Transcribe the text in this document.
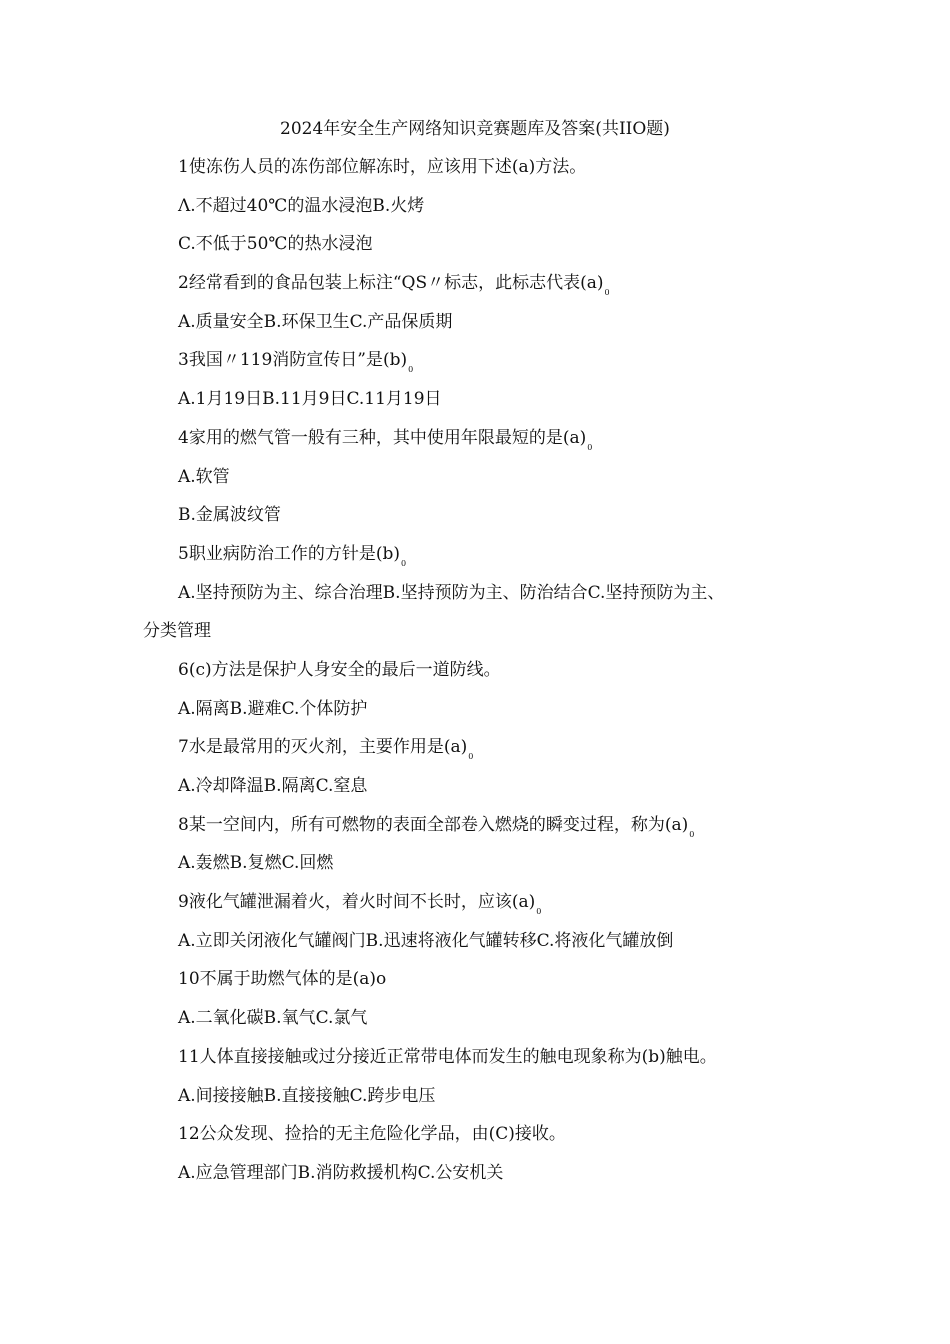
2024年安全生产网络知识竞赛题库及答案(共IIO题)
1使冻伤人员的冻伤部位解冻时，应该用下述(a)方法。
Λ.不超过40℃的温水浸泡B.火烤
C.不低于50℃的热水浸泡
2经常看到的食品包装上标注“QS〃标志，此标志代表$(a)_0$
A.质量安全B.环保卫生C.产品保质期
3我国〃119消防宣传日”是$(b)_0$
A.1月19日B.11月9日C.11月19日
4家用的燃气管一般有三种，其中使用年限最短的是$(a)_0$
A.软管
B.金属波纹管
5职业病防治工作的方针是$(b)_0$
A.坚持预防为主、综合治理B.坚持预防为主、防治结合C.坚持预防为主、
分类管理
6(c)方法是保护人身安全的最后一道防线。
A.隔离B.避难C.个体防护
7水是最常用的灭火剂，主要作用是$(a)_0$
A.冷却降温B.隔离C.窒息
8某一空间内，所有可燃物的表面全部卷入燃烧的瞬变过程，称为$(a)_0$
A.轰燃B.复燃C.回燃
9液化气罐泄漏着火，着火时间不长时，应该$(a)_0$
A.立即关闭液化气罐阀门B.迅速将液化气罐转移C.将液化气罐放倒
10不属于助燃气体的是(a)o
A.二氧化碳B.氧气C.氯气
11人体直接接触或过分接近正常带电体而发生的触电现象称为(b)触电。
A.间接接触B.直接接触C.跨步电压
12公众发现、捡拾的无主危险化学品，由(C)接收。
A.应急管理部门B.消防救援机构C.公安机关
